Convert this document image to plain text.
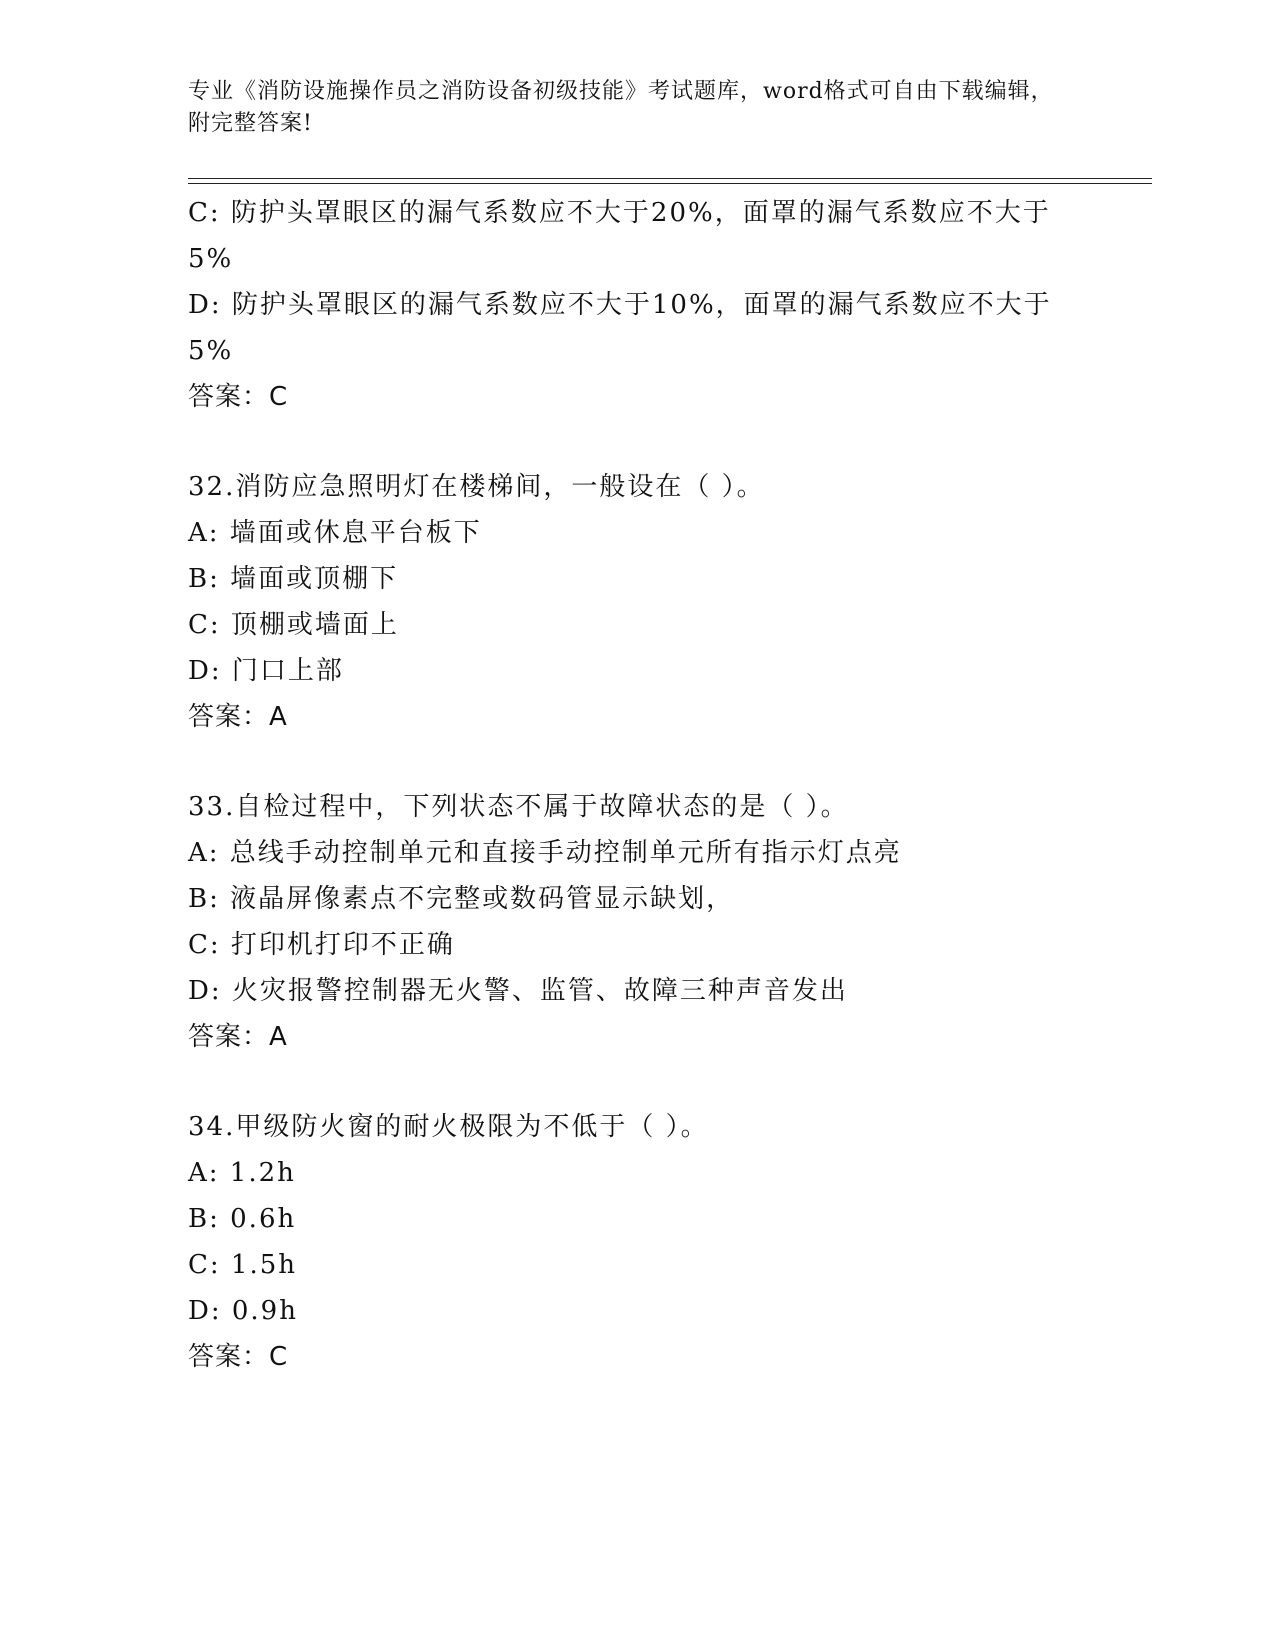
专业《消防设施操作员之消防设备初级技能》考试题库，word格式可自由下载编辑，附完整答案!
C: 防护头罩眼区的漏气系数应不大于20%，面罩的漏气系数应不大于5%
D: 防护头罩眼区的漏气系数应不大于10%，面罩的漏气系数应不大于5%
答案：C
32.消防应急照明灯在楼梯间，一般设在（ ）。
A: 墙面或休息平台板下
B: 墙面或顶棚下
C: 顶棚或墙面上
D: 门口上部
答案：A
33.自检过程中，下列状态不属于故障状态的是（ ）。
A: 总线手动控制单元和直接手动控制单元所有指示灯点亮
B: 液晶屏像素点不完整或数码管显示缺划，
C: 打印机打印不正确
D: 火灾报警控制器无火警、监管、故障三种声音发出
答案：A
34.甲级防火窗的耐火极限为不低于（ ）。
A: 1.2h
B: 0.6h
C: 1.5h
D: 0.9h
答案：C
